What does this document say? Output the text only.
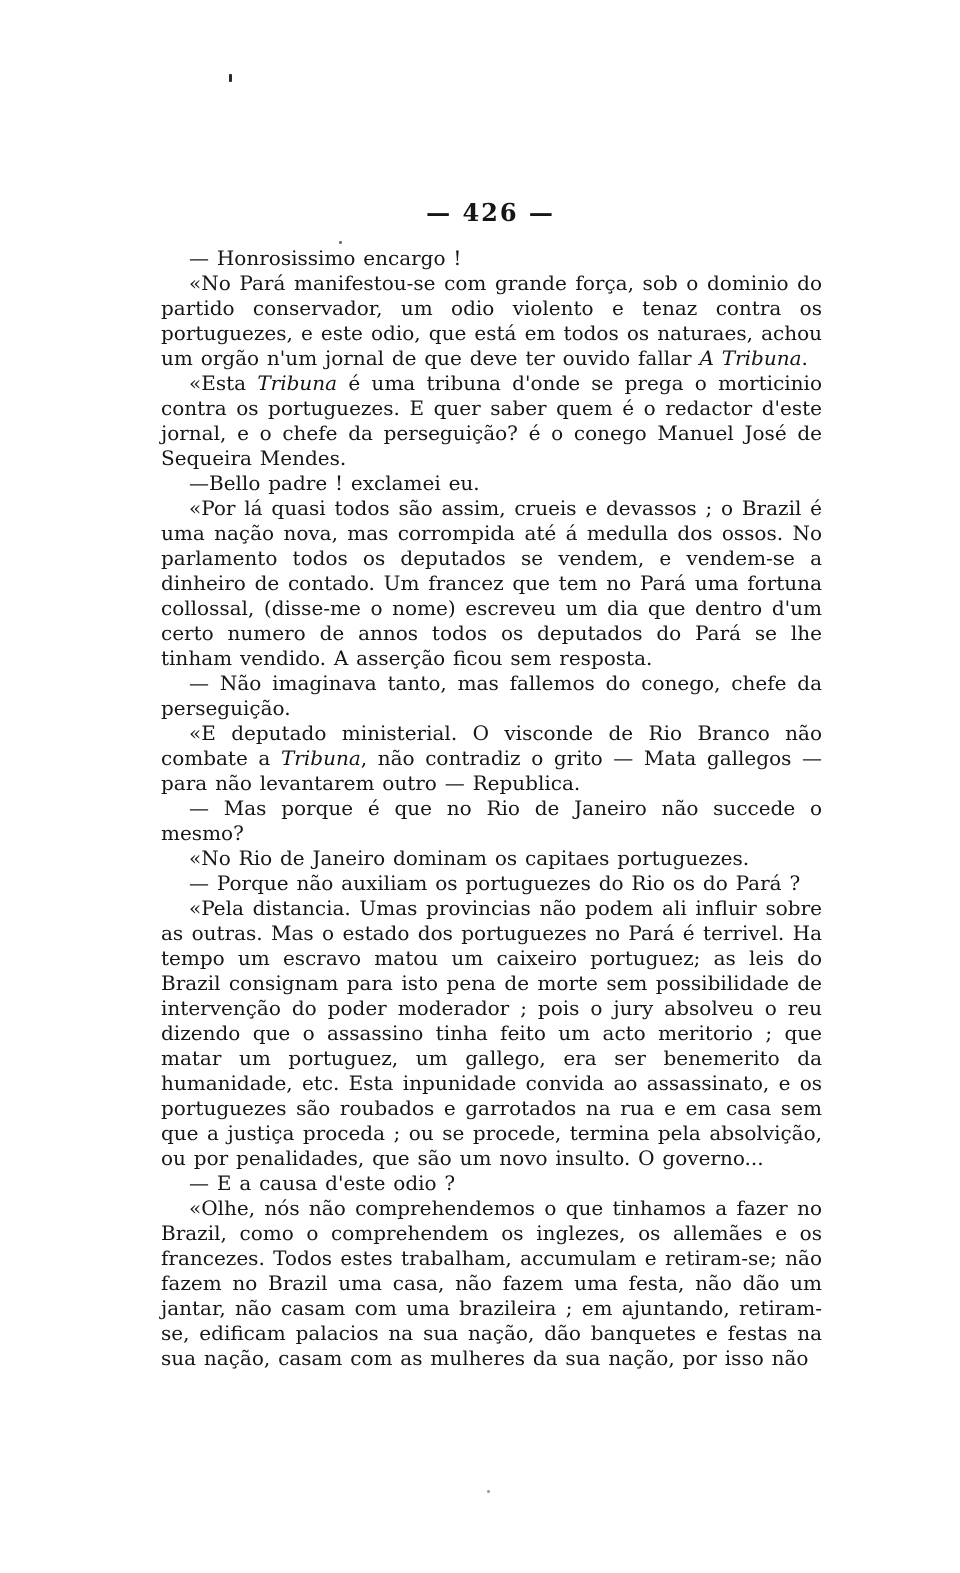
— 426 —

— Honrosissimo encargo !

«No Pará manifestou-se com grande força, sob o dominio do partido conservador, um odio violento e tenaz contra os portuguezes, e este odio, que está em todos os naturaes, achou um orgão n'um jornal de que deve ter ouvido fallar A Tribuna.

«Esta Tribuna é uma tribuna d'onde se prega o morticinio contra os portuguezes. E quer saber quem é o redactor d'este jornal, e o chefe da perseguição? é o conego Manuel José de Sequeira Mendes.

—Bello padre ! exclamei eu.

«Por lá quasi todos são assim, crueis e devassos ; o Brazil é uma nação nova, mas corrompida até á medulla dos ossos. No parlamento todos os deputados se vendem, e vendem-se a dinheiro de contado. Um francez que tem no Pará uma fortuna collossal, (disse-me o nome) escreveu um dia que dentro d'um certo numero de annos todos os deputados do Pará se lhe tinham vendido. A asserção ficou sem resposta.

— Não imaginava tanto, mas fallemos do conego, chefe da perseguição.

«E deputado ministerial. O visconde de Rio Branco não combate a Tribuna, não contradiz o grito — Mata gallegos — para não levantarem outro — Republica.

— Mas porque é que no Rio de Janeiro não succede o mesmo?

«No Rio de Janeiro dominam os capitaes portuguezes.

— Porque não auxiliam os portuguezes do Rio os do Pará ?

«Pela distancia. Umas provincias não podem ali influir sobre as outras. Mas o estado dos portuguezes no Pará é terrivel. Ha tempo um escravo matou um caixeiro portuguez; as leis do Brazil consignam para isto pena de morte sem possibilidade de intervenção do poder moderador ; pois o jury absolveu o reu dizendo que o assassino tinha feito um acto meritorio ; que matar um portuguez, um gallego, era ser benemerito da humanidade, etc. Esta inpunidade convida ao assassinato, e os portuguezes são roubados e garrotados na rua e em casa sem que a justiça proceda ; ou se procede, termina pela absolvição, ou por penalidades, que são um novo insulto. O governo...

— E a causa d'este odio ?

«Olhe, nós não comprehendemos o que tinhamos a fazer no Brazil, como o comprehendem os inglezes, os allemães e os francezes. Todos estes trabalham, accumulam e retiram-se; não fazem no Brazil uma casa, não fazem uma festa, não dão um jantar, não casam com uma brazileira ; em ajuntando, retiram-se, edificam palacios na sua nação, dão banquetes e festas na sua nação, casam com as mulheres da sua nação, por isso não
